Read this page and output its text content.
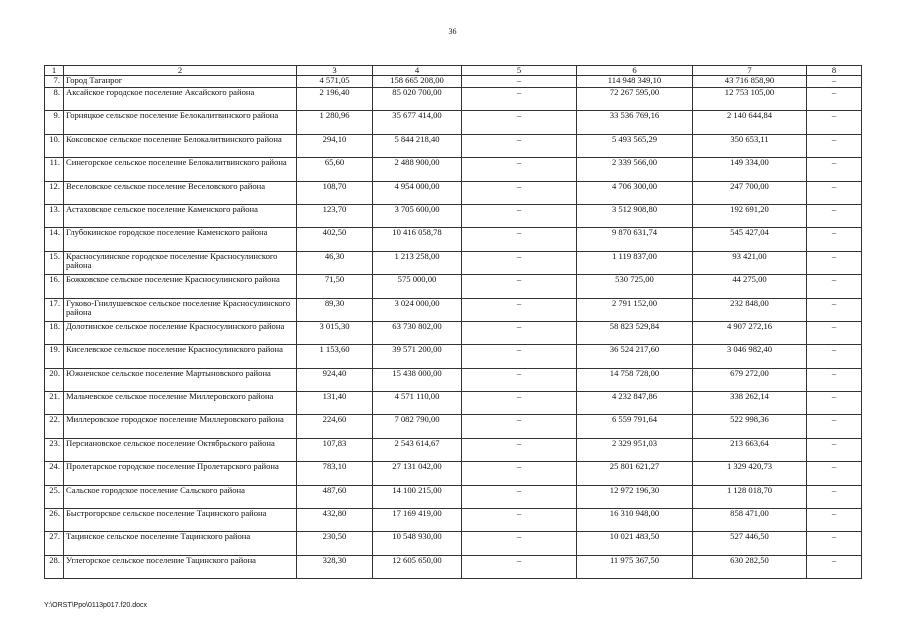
36
1	2	3	4	5	6	7	8
7.	Город Таганрог	4 571,05	158 665 208,00	–	114 948 349,10	43 716 858,90	–
8.	Аксайское городское поселение Аксайского района	2 196,40	85 020 700,00	–	72 267 595,00	12 753 105,00	–
9.	Горняцкое сельское поселение Белокалитвинского района	1 280,96	35 677 414,00	–	33 536 769,16	2 140 644,84	–
10.	Коксовское сельское поселение Белокалитвинского района	294,10	5 844 218,40	–	5 493 565,29	350 653,11	–
11.	Синегорское сельское поселение Белокалитвинского района	65,60	2 488 900,00	–	2 339 566,00	149 334,00	–
12.	Веселовское сельское поселение Веселовского района	108,70	4 954 000,00	–	4 706 300,00	247 700,00	–
13.	Астаховское сельское поселение Каменского района	123,70	3 705 600,00	–	3 512 908,80	192 691,20	–
14.	Глубокинское городское поселение Каменского района	402,50	10 416 058,78	–	9 870 631,74	545 427,04	–
15.	Красносулинское городское поселение Красносулинского района	46,30	1 213 258,00	–	1 119 837,00	93 421,00	–
16.	Божковское сельское поселение Красносулинского района	71,50	575 000,00	–	530 725,00	44 275,00	–
17.	Гуково-Гнилушевское сельское поселение Красносулинского района	89,30	3 024 000,00	–	2 791 152,00	232 848,00	–
18.	Долотинское сельское поселение Красносулинского района	3 015,30	63 730 802,00	–	58 823 529,84	4 907 272,16	–
19.	Киселевское сельское поселение Красносулинского района	1 153,60	39 571 200,00	–	36 524 217,60	3 046 982,40	–
20.	Южненское сельское поселение Мартыновского района	924,40	15 438 000,00	–	14 758 728,00	679 272,00	–
21.	Мальчевское сельское поселение Миллеровского района	131,40	4 571 110,00	–	4 232 847,86	338 262,14	–
22.	Миллеровское городское поселение Миллеровского района	224,60	7 082 790,00	–	6 559 791,64	522 998,36	–
23.	Персиановское сельское поселение Октябрьского района	107,83	2 543 614,67	–	2 329 951,03	213 663,64	–
24.	Пролетарское городское поселение Пролетарского района	783,10	27 131 042,00	–	25 801 621,27	1 329 420,73	–
25.	Сальское городское поселение Сальского района	487,60	14 100 215,00	–	12 972 196,30	1 128 018,70	–
26.	Быстрогорское сельское поселение Тацинского района	432,80	17 169 419,00	–	16 310 948,00	858 471,00	–
27.	Тацинское сельское поселение Тацинского района	230,50	10 548 930,00	–	10 021 483,50	527 446,50	–
28.	Углегорское сельское поселение Тацинского района	328,30	12 605 650,00	–	11 975 367,50	630 282,50	–
Y:\ORST\Ppo\0113p017.f20.docx
